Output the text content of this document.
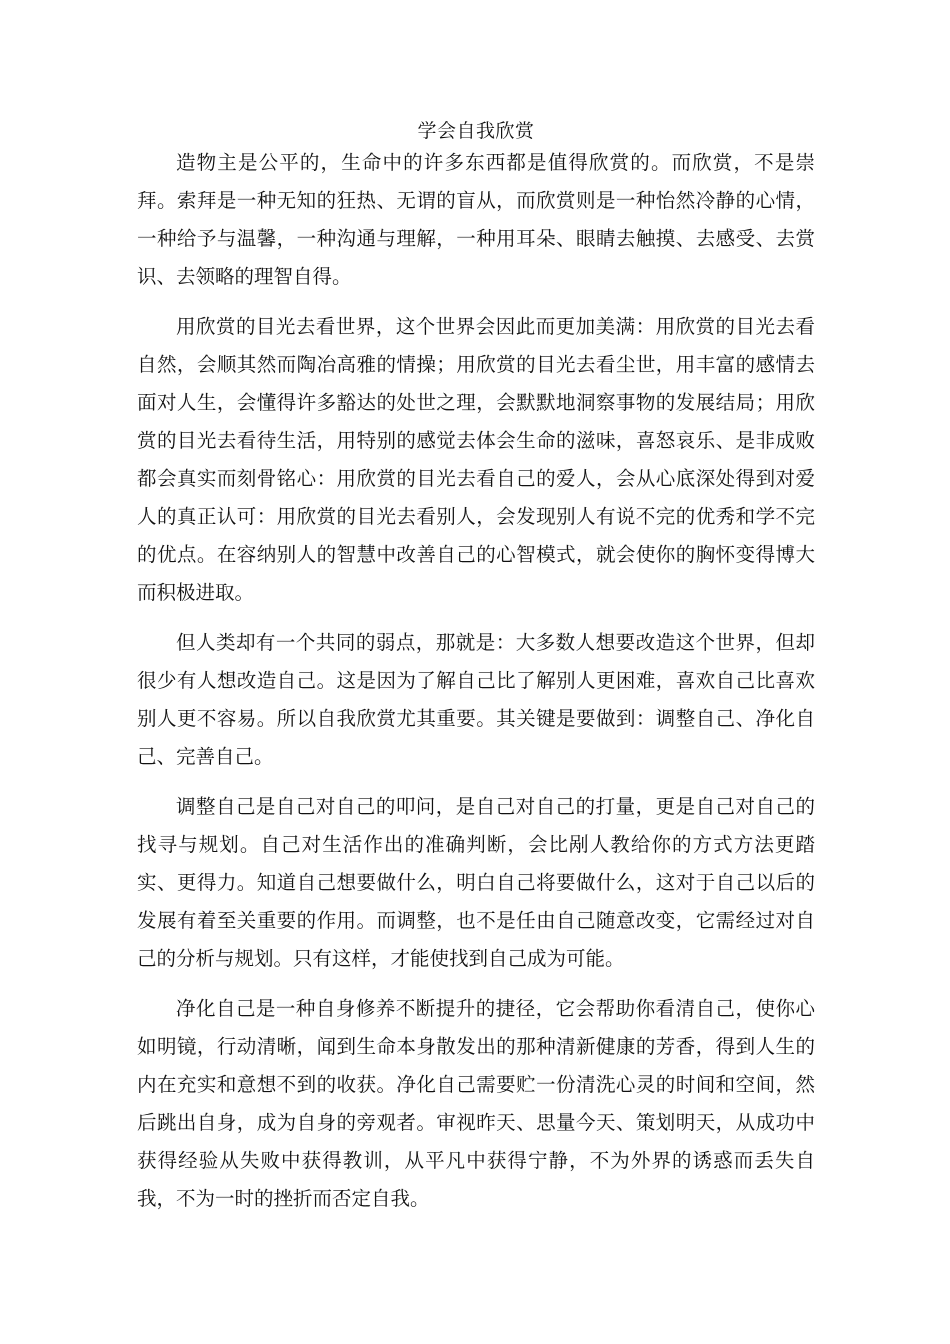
学会自我欣赏

造物主是公平的，生命中的许多东西都是值得欣赏的。而欣赏，不是崇拜。索拜是一种无知的狂热、无谓的盲从，而欣赏则是一种怡然冷静的心情，一种给予与温馨，一种沟通与理解，一种用耳朵、眼睛去触摸、去感受、去赏识、去领略的理智自得。

用欣赏的目光去看世界，这个世界会因此而更加美满：用欣赏的目光去看自然，会顺其然而陶冶高雅的情操；用欣赏的目光去看尘世，用丰富的感情去面对人生，会懂得许多豁达的处世之理，会默默地洞察事物的发展结局；用欣赏的目光去看待生活，用特别的感觉去体会生命的滋味，喜怒哀乐、是非成败都会真实而刻骨铭心：用欣赏的目光去看自己的爱人，会从心底深处得到对爱人的真正认可：用欣赏的目光去看别人，会发现别人有说不完的优秀和学不完的优点。在容纳别人的智慧中改善自己的心智模式，就会使你的胸怀变得博大而积极进取。

但人类却有一个共同的弱点，那就是：大多数人想要改造这个世界，但却很少有人想改造自己。这是因为了解自己比了解别人更困难，喜欢自己比喜欢别人更不容易。所以自我欣赏尤其重要。其关键是要做到：调整自己、净化自己、完善自己。

调整自己是自己对自己的叩问，是自己对自己的打量，更是自己对自己的找寻与规划。自己对生活作出的准确判断，会比剐人教给你的方式方法更踏实、更得力。知道自己想要做什么，明白自己将要做什么，这对于自己以后的发展有着至关重要的作用。而调整，也不是任由自己随意改变，它需经过对自己的分析与规划。只有这样，才能使找到自己成为可能。

净化自己是一种自身修养不断提升的捷径，它会帮助你看清自己，使你心如明镜，行动清晰，闻到生命本身散发出的那种清新健康的芳香，得到人生的内在充实和意想不到的收获。净化自己需要贮一份清洗心灵的时间和空间，然后跳出自身，成为自身的旁观者。审视昨天、思量今天、策划明天，从成功中获得经验从失败中获得教训，从平凡中获得宁静，不为外界的诱惑而丢失自我，不为一时的挫折而否定自我。
